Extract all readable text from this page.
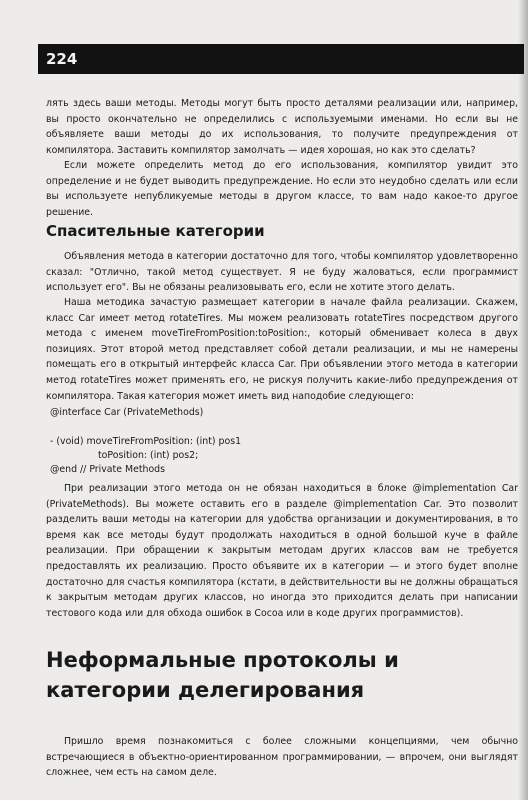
224

лять здесь ваши методы. Методы могут быть просто деталями реализации или, например, вы просто окончательно не определились с используемыми именами. Но если вы не объявляете ваши методы до их использования, то получите предупреждения от компилятора. Заставить компилятор замолчать — идея хорошая, но как это сделать?

Если можете определить метод до его использования, компилятор увидит это определение и не будет выводить предупреждение. Но если это неудобно сделать или если вы используете непубликуемые методы в другом классе, то вам надо какое-то другое решение.

Спасительные категории

Объявления метода в категории достаточно для того, чтобы компилятор удовлетворенно сказал: "Отлично, такой метод существует. Я не буду жаловаться, если программист использует его". Вы не обязаны реализовывать его, если не хотите этого делать.

Наша методика зачастую размещает категории в начале файла реализации. Скажем, класс Car имеет метод rotateTires. Мы можем реализовать rotateTires посредством другого метода с именем moveTireFromPosition:toPosition:, который обменивает колеса в двух позициях. Этот второй метод представляет собой детали реализации, и мы не намерены помещать его в открытый интерфейс класса Car. При объявлении этого метода в категории метод rotateTires может применять его, не рискуя получить какие-либо предупреждения от компилятора. Такая категория может иметь вид наподобие следующего:

@interface Car (PrivateMethods)
- (void) moveTireFromPosition: (int) pos1
toPosition: (int) pos2;
@end // Private Methods

При реализации этого метода он не обязан находиться в блоке @implementation Car (PrivateMethods). Вы можете оставить его в разделе @implementation Car. Это позволит разделить ваши методы на категории для удобства организации и документирования, в то время как все методы будут продолжать находиться в одной большой куче в файле реализации. При обращении к закрытым методам других классов вам не требуется предоставлять их реализацию. Просто объявите их в категории — и этого будет вполне достаточно для счастья компилятора (кстати, в действительности вы не должны обращаться к закрытым методам других классов, но иногда это приходится делать при написании тестового кода или для обхода ошибок в Cocoa или в коде других программистов).

Неформальные протоколы и категории делегирования

Пришло время познакомиться с более сложными концепциями, чем обычно встречающиеся в объектно-ориентированном программировании, — впрочем, они выглядят сложнее, чем есть на самом деле.
